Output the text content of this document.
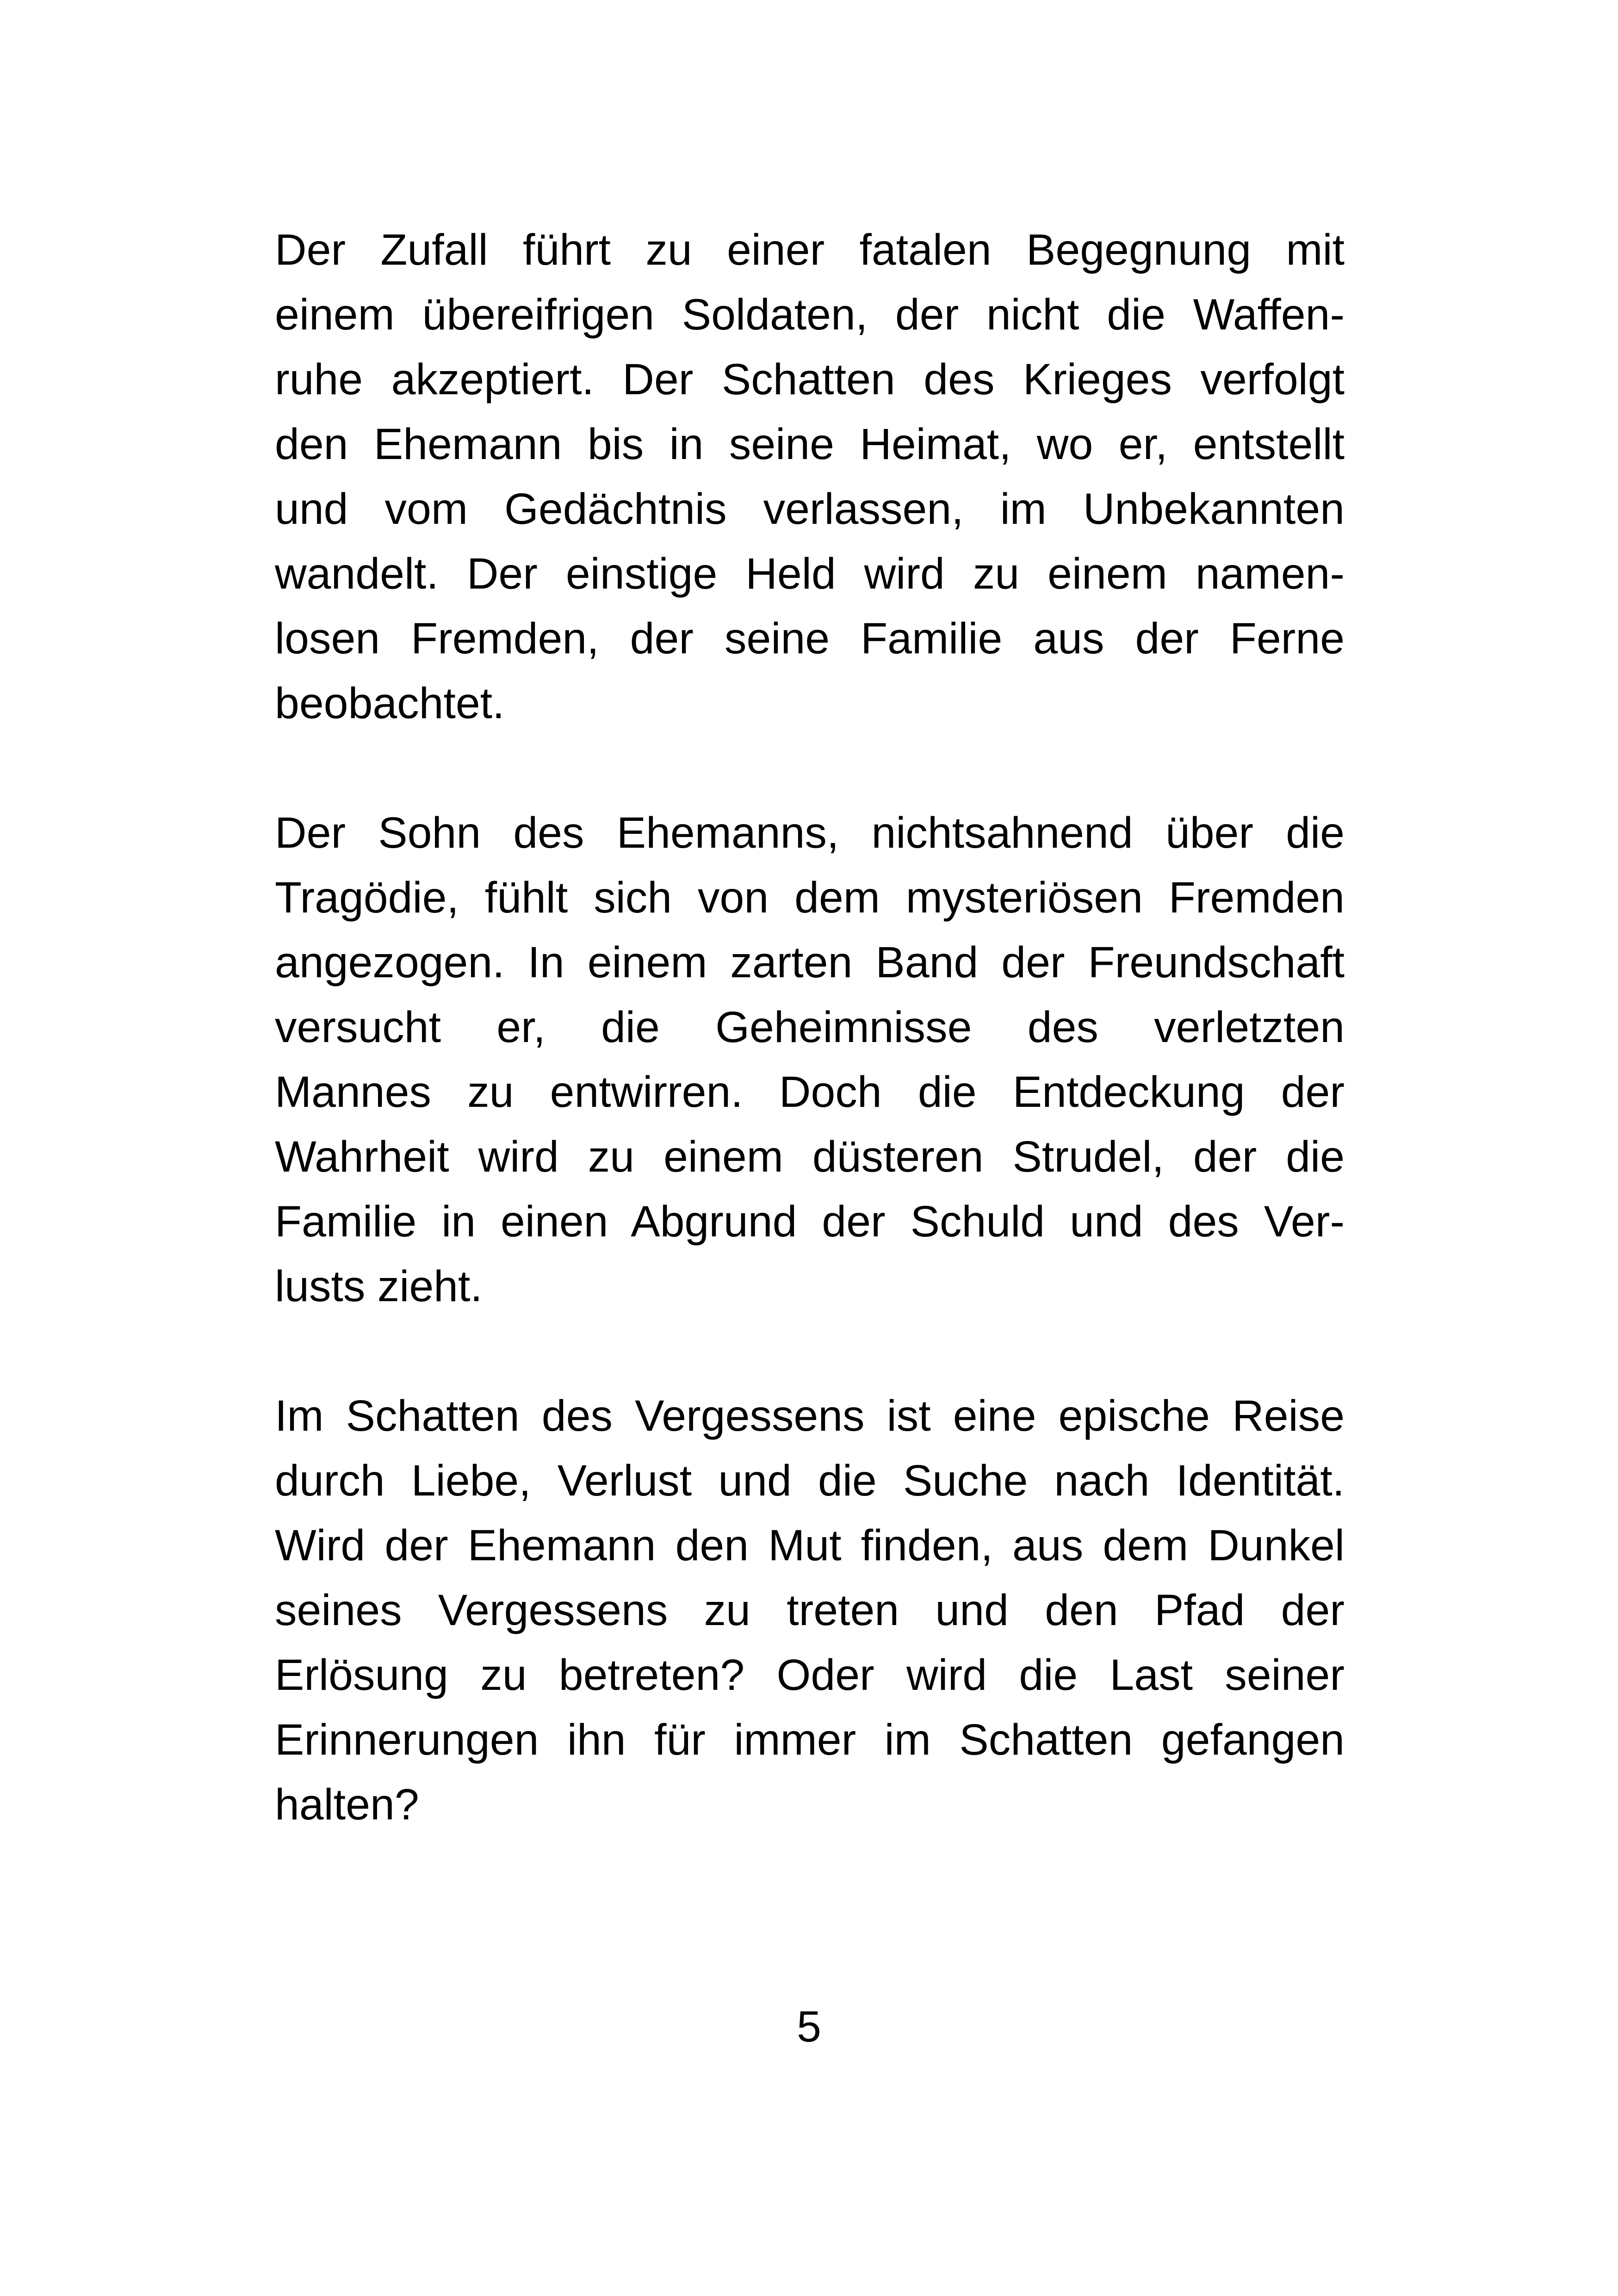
Der Zufall führt zu einer fatalen Begegnung mit
einem übereifrigen Soldaten, der nicht die Waffen-
ruhe akzeptiert. Der Schatten des Krieges verfolgt
den Ehemann bis in seine Heimat, wo er, entstellt
und vom Gedächtnis verlassen, im Unbekannten
wandelt. Der einstige Held wird zu einem namen-
losen Fremden, der seine Familie aus der Ferne
beobachtet.
Der Sohn des Ehemanns, nichtsahnend über die
Tragödie, fühlt sich von dem mysteriösen Fremden
angezogen. In einem zarten Band der Freundschaft
versucht er, die Geheimnisse des verletzten
Mannes zu entwirren. Doch die Entdeckung der
Wahrheit wird zu einem düsteren Strudel, der die
Familie in einen Abgrund der Schuld und des Ver-
lusts zieht.
Im Schatten des Vergessens ist eine epische Reise
durch Liebe, Verlust und die Suche nach Identität.
Wird der Ehemann den Mut finden, aus dem Dunkel
seines Vergessens zu treten und den Pfad der
Erlösung zu betreten? Oder wird die Last seiner
Erinnerungen ihn für immer im Schatten gefangen
halten?
5
